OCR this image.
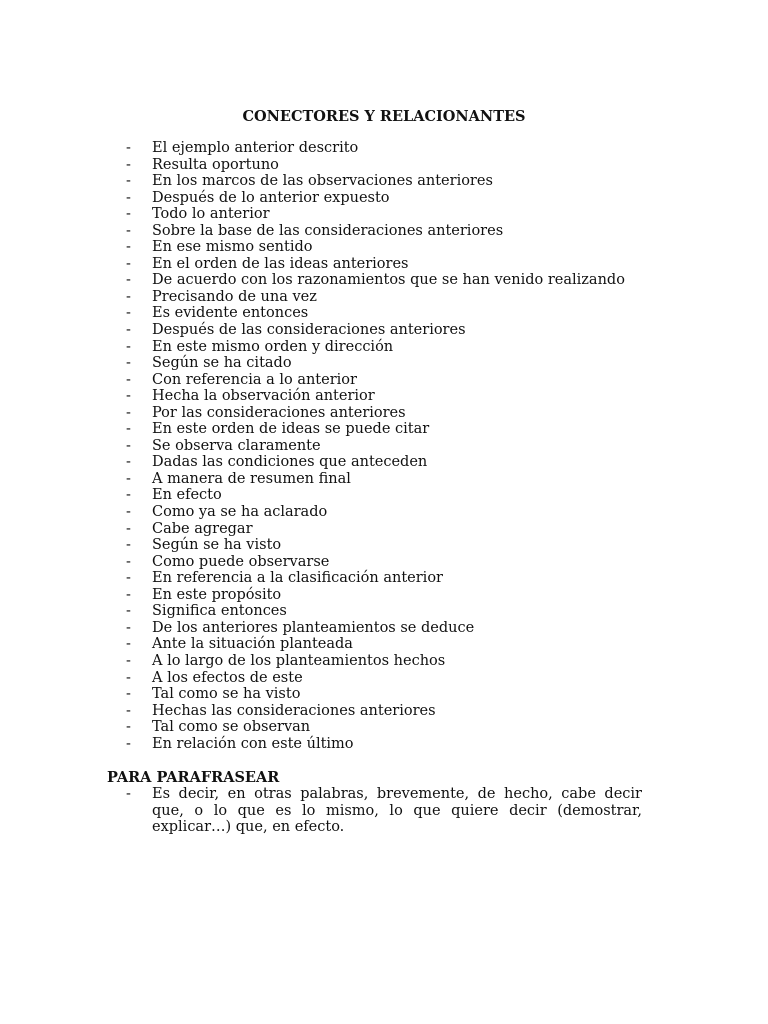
CONECTORES Y RELACIONANTES
-	El ejemplo anterior descrito
-	Resulta oportuno
-	En los marcos de las observaciones anteriores
-	Después de lo anterior expuesto
-	Todo lo anterior
-	Sobre la base de las consideraciones anteriores
-	En ese mismo sentido
-	En el orden de las ideas anteriores
-	De acuerdo con los razonamientos que se han venido realizando
-	Precisando de una vez
-	Es evidente entonces
-	Después de las consideraciones anteriores
-	En este mismo orden y dirección
-	Según se ha citado
-	Con referencia a lo anterior
-	Hecha la observación anterior
-	Por las consideraciones anteriores
-	En este orden de ideas se puede citar
-	Se observa claramente
-	Dadas las condiciones que anteceden
-	A manera de resumen final
-	En efecto
-	Como ya se ha aclarado
-	Cabe agregar
-	Según se ha visto
-	Como puede observarse
-	En referencia a la clasificación anterior
-	En este propósito
-	Significa entonces
-	De los anteriores planteamientos se deduce
-	Ante la situación planteada
-	A lo largo de los planteamientos hechos
-	A los efectos de este
-	Tal como se ha visto
-	Hechas las consideraciones anteriores
-	Tal como se observan
-	En relación con este último
PARA PARAFRASEAR
- Es decir, en otras palabras, brevemente, de hecho, cabe decir que, o lo que es lo mismo, lo que quiere decir (demostrar, explicar…) que, en efecto.
